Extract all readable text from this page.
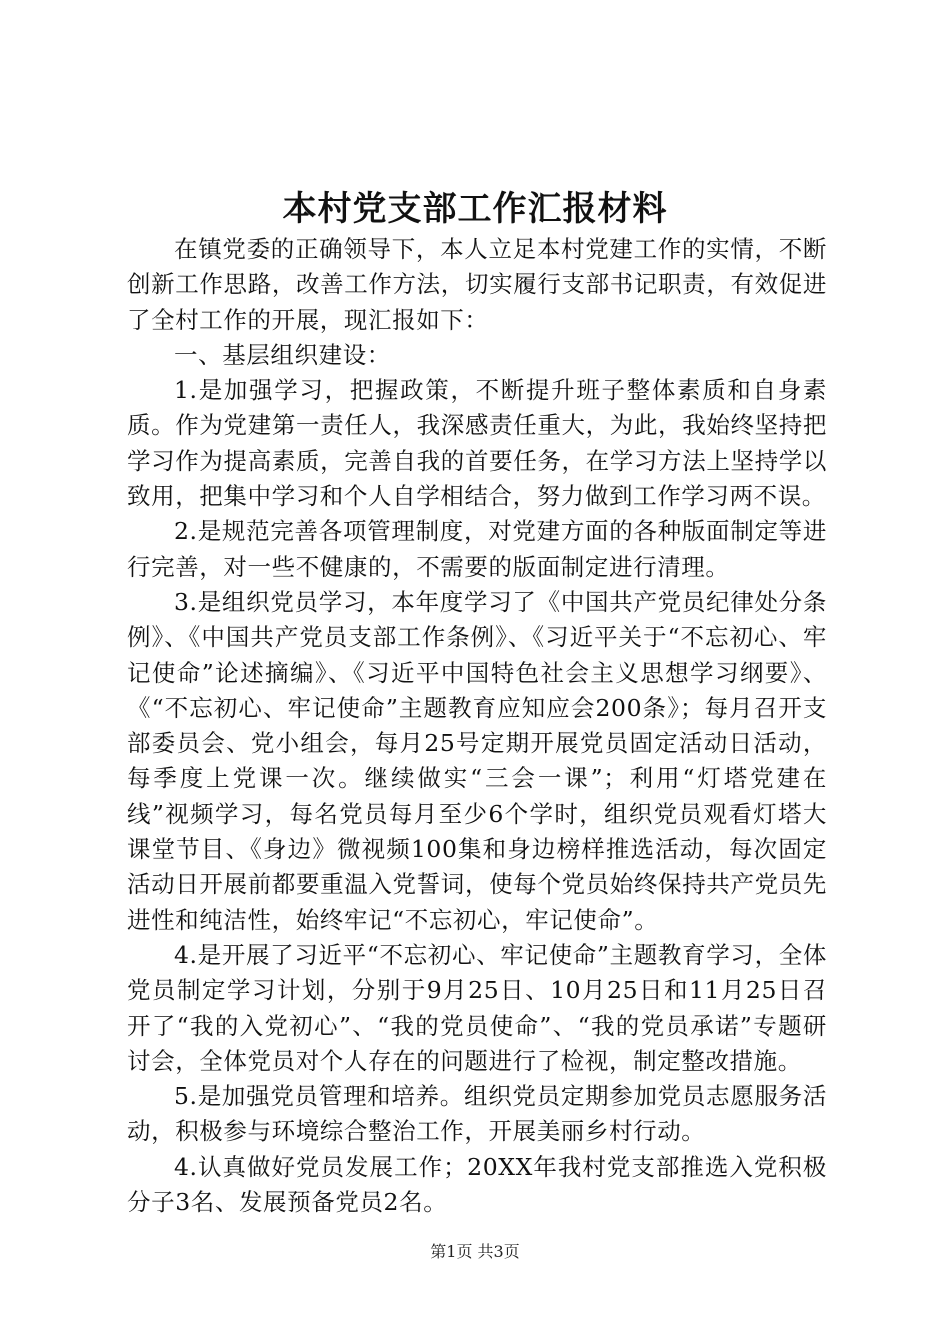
本村党支部工作汇报材料

在镇党委的正确领导下，本人立足本村党建工作的实情，不断创新工作思路，改善工作方法，切实履行支部书记职责，有效促进了全村工作的开展，现汇报如下：

一、基层组织建设：

1.是加强学习，把握政策，不断提升班子整体素质和自身素质。作为党建第一责任人，我深感责任重大，为此，我始终坚持把学习作为提高素质，完善自我的首要任务，在学习方法上坚持学以致用，把集中学习和个人自学相结合，努力做到工作学习两不误。

2.是规范完善各项管理制度，对党建方面的各种版面制定等进行完善，对一些不健康的，不需要的版面制定进行清理。

3.是组织党员学习，本年度学习了《中国共产党员纪律处分条例》、《中国共产党员支部工作条例》、《习近平关于“不忘初心、牢记使命”论述摘编》、《习近平中国特色社会主义思想学习纲要》、《“不忘初心、牢记使命”主题教育应知应会200条》；每月召开支部委员会、党小组会，每月25号定期开展党员固定活动日活动，每季度上党课一次。继续做实“三会一课”；利用“灯塔党建在线”视频学习，每名党员每月至少6个学时，组织党员观看灯塔大课堂节目、《身边》微视频100集和身边榜样推选活动，每次固定活动日开展前都要重温入党誓词，使每个党员始终保持共产党员先进性和纯洁性，始终牢记“不忘初心，牢记使命”。

4.是开展了习近平“不忘初心、牢记使命”主题教育学习，全体党员制定学习计划，分别于9月25日、10月25日和11月25日召开了“我的入党初心”、“我的党员使命”、“我的党员承诺”专题研讨会，全体党员对个人存在的问题进行了检视，制定整改措施。

5.是加强党员管理和培养。组织党员定期参加党员志愿服务活动，积极参与环境综合整治工作，开展美丽乡村行动。

4.认真做好党员发展工作；20XX年我村党支部推选入党积极分子3名、发展预备党员2名。

第1页 共3页
